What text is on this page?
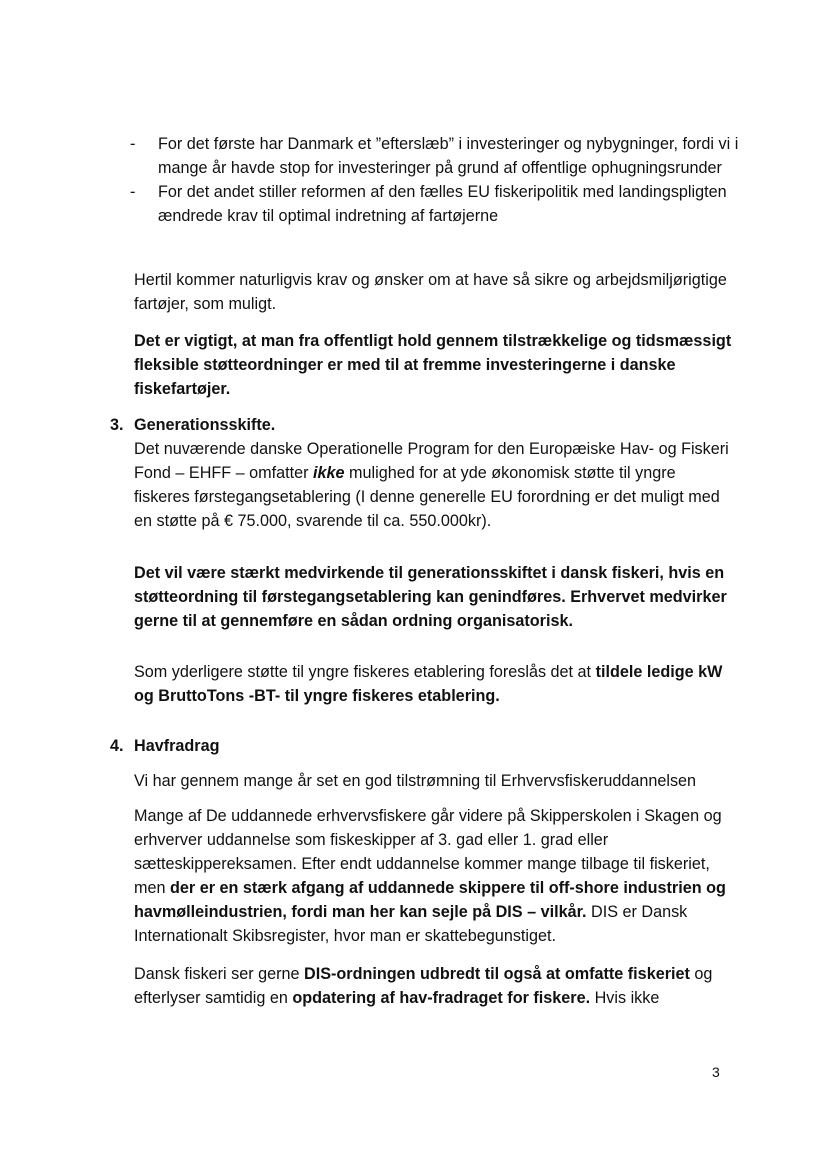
- For det første har Danmark et ”efterslæb” i investeringer og nybygninger, fordi vi i mange år havde stop for investeringer på grund af offentlige ophugningsrunder
- For det andet stiller reformen af den fælles EU fiskeripolitik med landingspligten ændrede krav til optimal indretning af fartøjerne

Hertil kommer naturligvis krav og ønsker om at have så sikre og arbejdsmiljørigtige fartøjer, som muligt.

Det er vigtigt, at man fra offentligt hold gennem tilstrækkelige og tidsmæssigt fleksible støtteordninger er med til at fremme investeringerne i danske fiskefartøjer.

3. Generationsskifte.

Det nuværende danske Operationelle Program for den Europæiske Hav- og Fiskeri Fond – EHFF – omfatter ikke mulighed for at yde økonomisk støtte til yngre fiskeres førstegangsetablering (I denne generelle EU forordning er det muligt med en støtte på € 75.000, svarende til ca. 550.000kr).

Det vil være stærkt medvirkende til generationsskiftet i dansk fiskeri, hvis en støtteordning til førstegangsetablering kan genindføres. Erhvervet medvirker gerne til at gennemføre en sådan ordning organisatorisk.

Som yderligere støtte til yngre fiskeres etablering foreslås det at tildele ledige kW og BruttoTons -BT- til yngre fiskeres etablering.

4. Havfradrag

Vi har gennem mange år set en god tilstrømning til Erhvervsfiskeruddannelsen

Mange af De uddannede erhvervsfiskere går videre på Skipperskolen i Skagen og erhverver uddannelse som fiskeskipper af 3. gad eller 1. grad eller sætteskippereksamen. Efter endt uddannelse kommer mange tilbage til fiskeriet, men der er en stærk afgang af uddannede skippere til off-shore industrien og havmølleindustrien, fordi man her kan sejle på DIS – vilkår. DIS er Dansk Internationalt Skibsregister, hvor man er skattebegunstiget.

Dansk fiskeri ser gerne DIS-ordningen udbredt til også at omfatte fiskeriet og efterlyser samtidig en opdatering af hav-fradraget for fiskere. Hvis ikke

3
